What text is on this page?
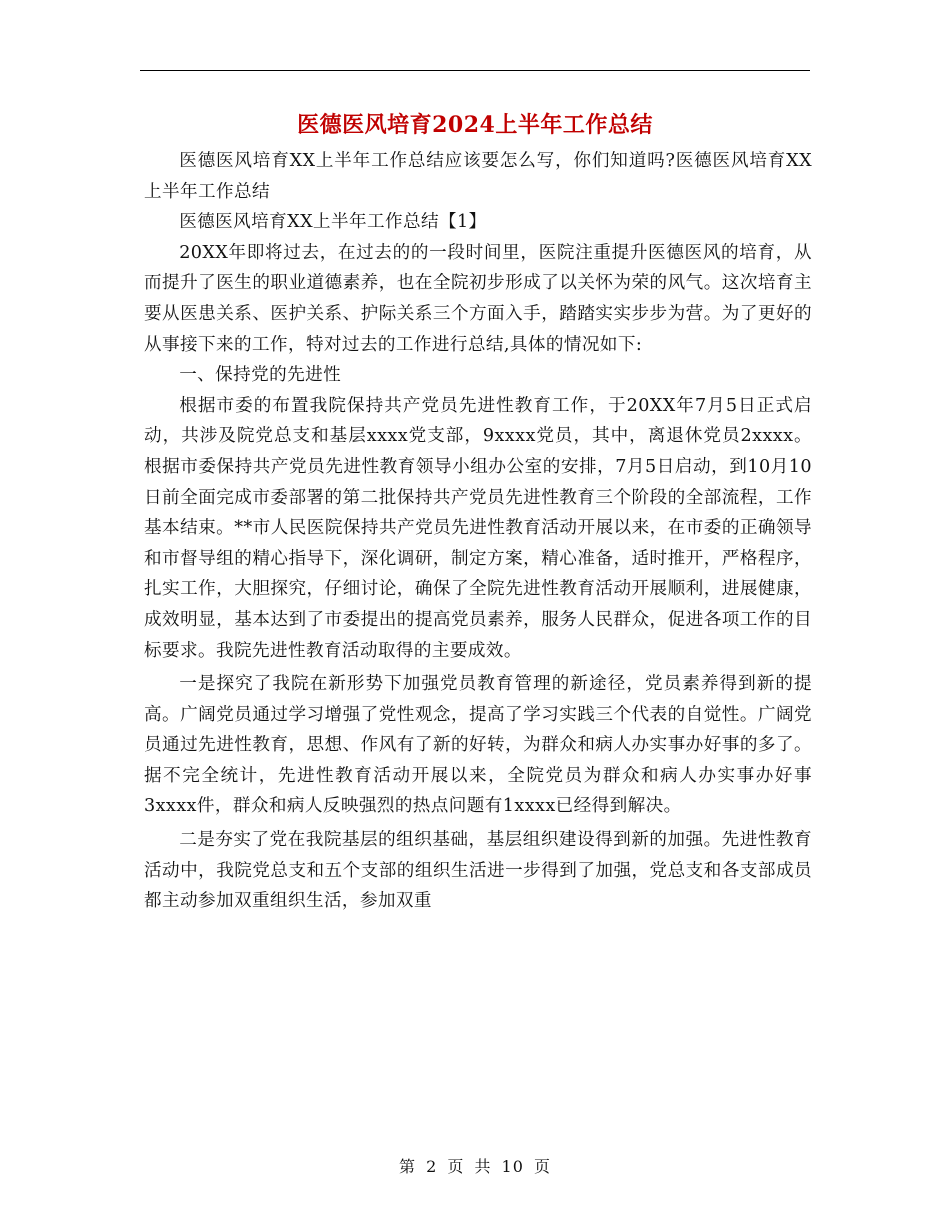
医德医风培育2024上半年工作总结

医德医风培育XX上半年工作总结应该要怎么写，你们知道吗?医德医风培育XX上半年工作总结

医德医风培育XX上半年工作总结【1】

20XX年即将过去，在过去的的一段时间里，医院注重提升医德医风的培育，从而提升了医生的职业道德素养，也在全院初步形成了以关怀为荣的风气。这次培育主要从医患关系、医护关系、护际关系三个方面入手，踏踏实实步步为营。为了更好的从事接下来的工作，特对过去的工作进行总结,具体的情况如下:

一、保持党的先进性

根据市委的布置我院保持共产党员先进性教育工作，于20XX年7月5日正式启动，共涉及院党总支和基层xxxx党支部，9xxxx党员，其中，离退休党员2xxxx。根据市委保持共产党员先进性教育领导小组办公室的安排，7月5日启动，到10月10日前全面完成市委部署的第二批保持共产党员先进性教育三个阶段的全部流程，工作基本结束。**市人民医院保持共产党员先进性教育活动开展以来，在市委的正确领导和市督导组的精心指导下，深化调研，制定方案，精心准备，适时推开，严格程序，扎实工作，大胆探究，仔细讨论，确保了全院先进性教育活动开展顺利，进展健康，成效明显，基本达到了市委提出的提高党员素养，服务人民群众，促进各项工作的目标要求。我院先进性教育活动取得的主要成效。

一是探究了我院在新形势下加强党员教育管理的新途径，党员素养得到新的提高。广阔党员通过学习增强了党性观念，提高了学习实践三个代表的自觉性。广阔党员通过先进性教育，思想、作风有了新的好转，为群众和病人办实事办好事的多了。据不完全统计，先进性教育活动开展以来，全院党员为群众和病人办实事办好事3xxxx件，群众和病人反映强烈的热点问题有1xxxx已经得到解决。

二是夯实了党在我院基层的组织基础，基层组织建设得到新的加强。先进性教育活动中，我院党总支和五个支部的组织生活进一步得到了加强，党总支和各支部成员都主动参加双重组织生活，参加双重

第 2 页 共 10 页
